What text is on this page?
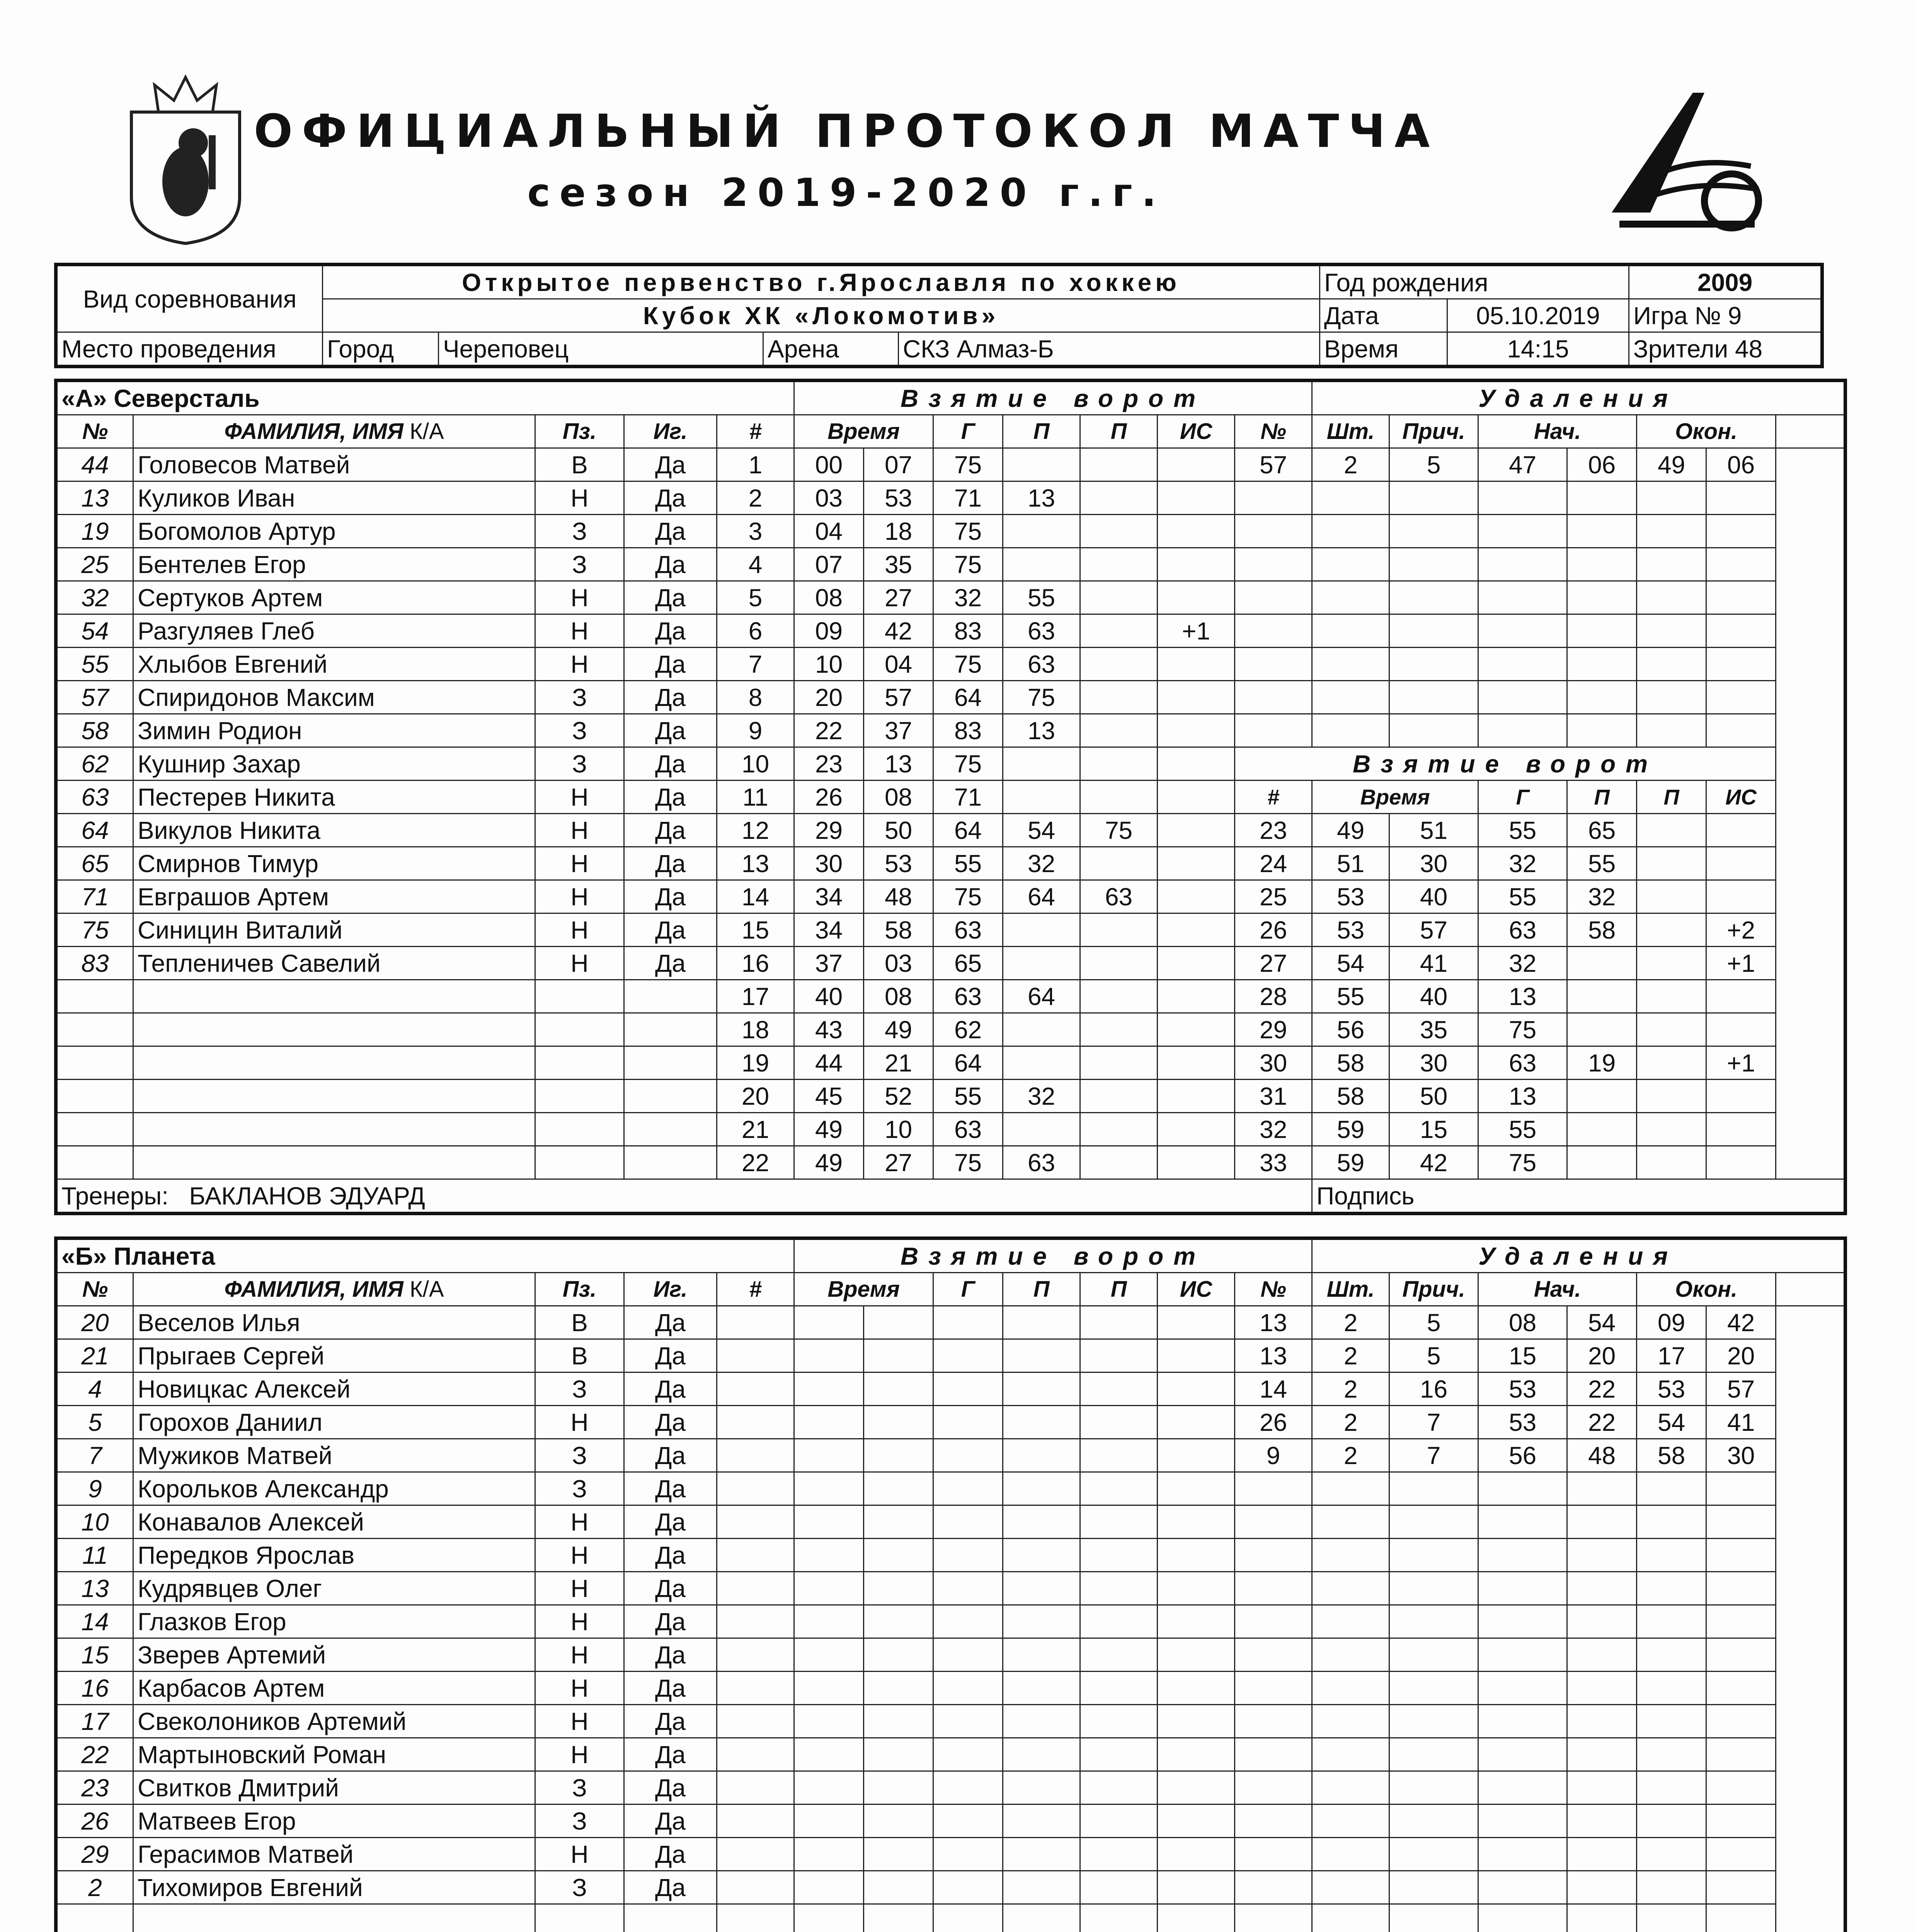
ОФИЦИАЛЬНЫЙ ПРОТОКОЛ МАТЧА
сезон 2019-2020 г.г.
Вид соревнования	Открытое первенство г.Ярославля по хоккею				Год рождения		2009
	Кубок ХК «Локомотив»				Дата	05.10.2019	Игра № 9
Место проведения	Город	Череповец	Арена	СКЗ Алмаз-Б	Время	14:15	Зрители 48
«А» Северсталь					Взятие ворот							Удаления						
№	ФАМИЛИЯ, ИМЯ К/А	Пз.	Иг.	#	Время		Г	П	П	ИС	№	Шт.	Прич.	Нач.		Окон.		
44	Головесов Матвей	В	Да	1	00	07	75				57	2	5	47	06	49	06	
13	Куликов Иван	Н	Да	2	03	53	71	13										
19	Богомолов Артур	З	Да	3	04	18	75											
25	Бентелев Егор	З	Да	4	07	35	75											
32	Сертуков Артем	Н	Да	5	08	27	32	55										
54	Разгуляев Глеб	Н	Да	6	09	42	83	63		+1								
55	Хлыбов Евгений	Н	Да	7	10	04	75	63										
57	Спиридонов Максим	З	Да	8	20	57	64	75										
58	Зимин Родион	З	Да	9	22	37	83	13										
62	Кушнир Захар	З	Да	10	23	13	75				Взятие ворот							
63	Пестерев Никита	Н	Да	11	26	08	71				#	Время		Г	П	П	ИС	
64	Викулов Никита	Н	Да	12	29	50	64	54	75		23	49	51	55	65			
65	Смирнов Тимур	Н	Да	13	30	53	55	32			24	51	30	32	55			
71	Евграшов Артем	Н	Да	14	34	48	75	64	63		25	53	40	55	32			
75	Синицин Виталий	Н	Да	15	34	58	63				26	53	57	63	58		+2	
83	Тепленичев Савелий	Н	Да	16	37	03	65				27	54	41	32			+1	
				17	40	08	63	64			28	55	40	13				
				18	43	49	62				29	56	35	75				
				19	44	21	64				30	58	30	63	19		+1	
				20	45	52	55	32			31	58	50	13				
				21	49	10	63				32	59	15	55				
				22	49	27	75	63			33	59	42	75				
Тренеры: БАКЛАНОВ ЭДУАРД												Подпись						
«Б» Планета					Взятие ворот							Удаления						
№	ФАМИЛИЯ, ИМЯ К/А	Пз.	Иг.	#	Время		Г	П	П	ИС	№	Шт.	Прич.	Нач.		Окон.		
20	Веселов Илья	В	Да								13	2	5	08	54	09	42	
21	Прыгаев Сергей	В	Да								13	2	5	15	20	17	20	
4	Новицкас Алексей	З	Да								14	2	16	53	22	53	57	
5	Горохов Даниил	Н	Да								26	2	7	53	22	54	41	
7	Мужиков Матвей	З	Да								9	2	7	56	48	58	30	
9	Корольков Александр	З	Да															
10	Конавалов Алексей	Н	Да															
11	Передков Ярослав	Н	Да															
13	Кудрявцев Олег	Н	Да															
14	Глазков Егор	Н	Да															
15	Зверев Артемий	Н	Да															
16	Карбасов Артем	Н	Да															
17	Свеколоников Артемий	Н	Да															
22	Мартыновский Роман	Н	Да															
23	Свитков Дмитрий	З	Да															
26	Матвеев Егор	З	Да															
29	Герасимов Матвей	Н	Да															
2	Тихомиров Евгений	З	Да															
